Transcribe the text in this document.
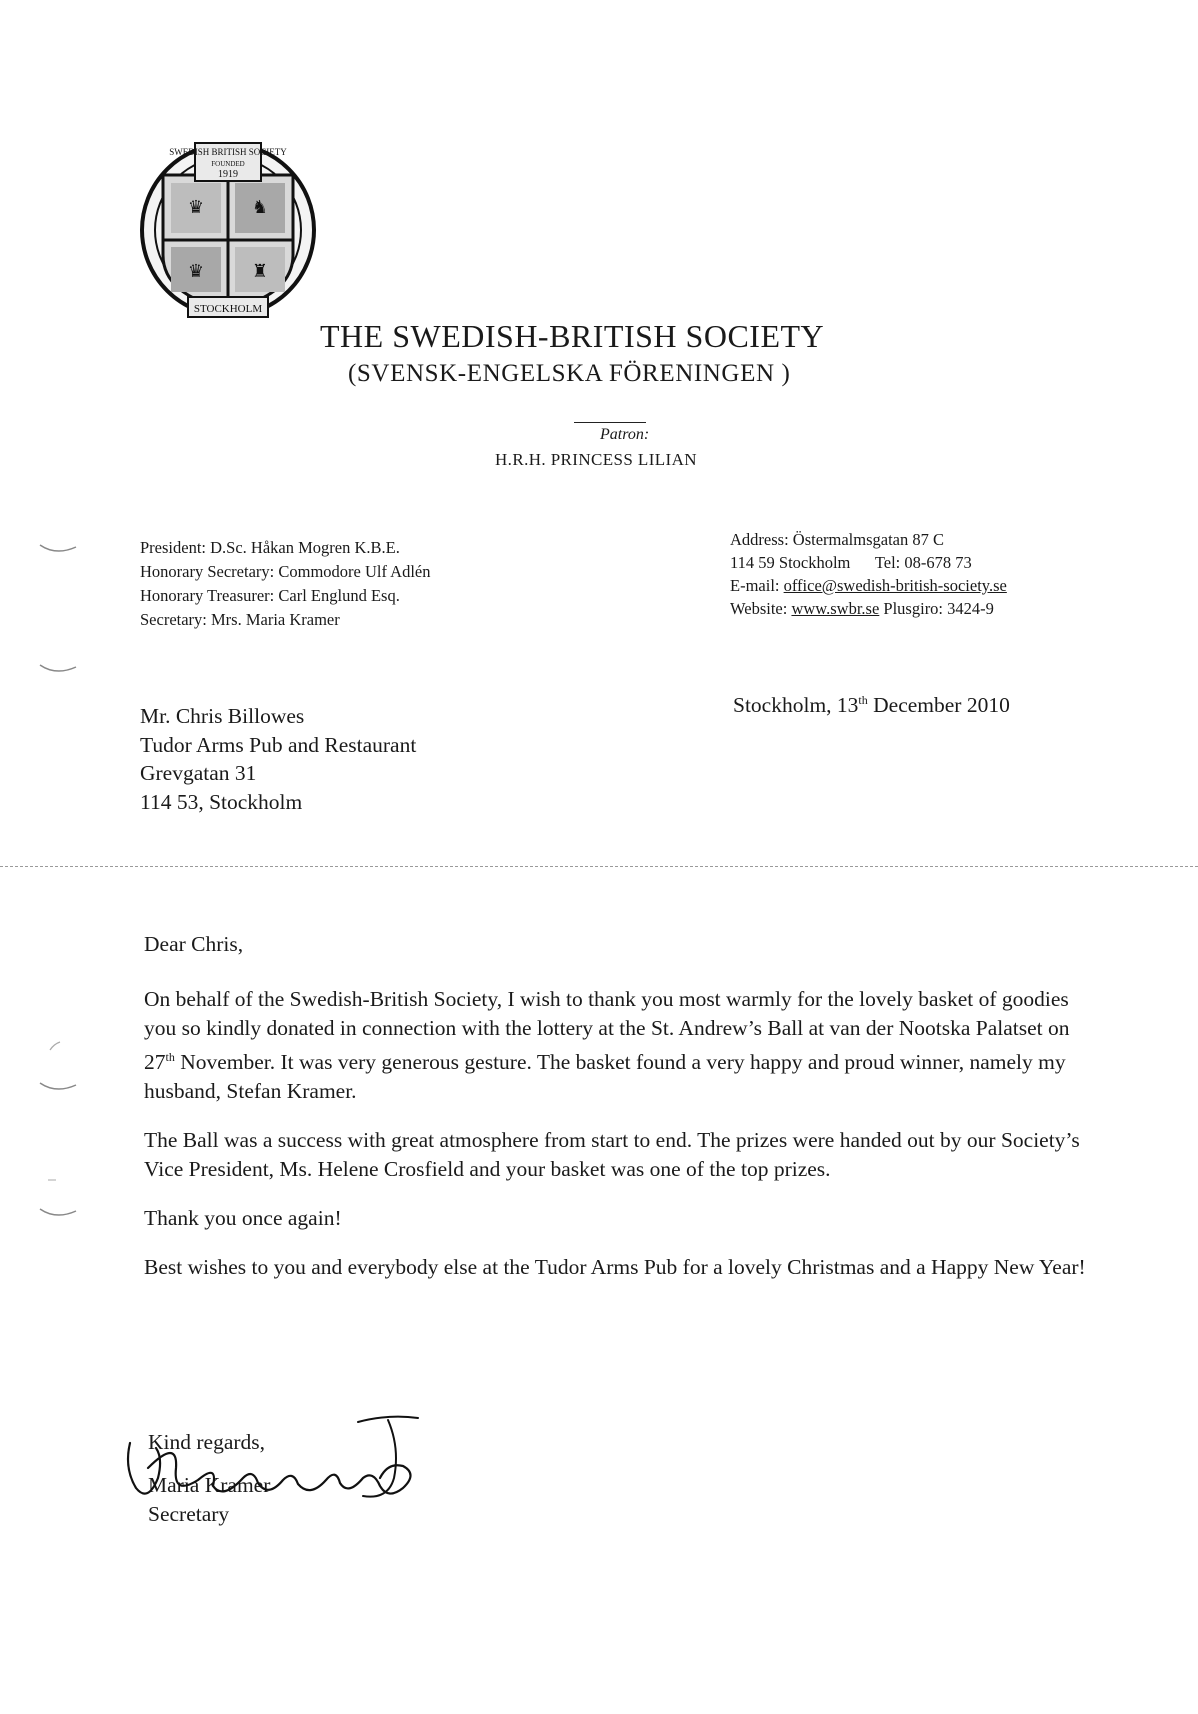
♛	♞
♛	♜
SWEDISH BRITISH SOCIETY
FOUNDED
1919
STOCKHOLM
THE SWEDISH-BRITISH SOCIETY
(SVENSK-ENGELSKA FÖRENINGEN )
Patron:
H.R.H. PRINCESS LILIAN
President: D.Sc. Håkan Mogren K.B.E.
Honorary Secretary: Commodore Ulf Adlén
Honorary Treasurer: Carl Englund Esq.
Secretary: Mrs. Maria Kramer
Address: Östermalmsgatan 87 C
114 59 Stockholm      Tel: 08-678 73
E-mail: office@swedish-british-society.se
Website: www.swbr.se Plusgiro: 3424-9
Mr. Chris Billowes
Tudor Arms Pub and Restaurant
Grevgatan 31
114 53, Stockholm
Stockholm, 13th December 2010

Dear Chris,

On behalf of the Swedish-British Society, I wish to thank you most warmly for the lovely basket of goodies you so kindly donated in connection with the lottery at the St. Andrew’s Ball at van der Nootska Palatset on 27th November. It was very generous gesture. The basket found a very happy and proud winner, namely my husband, Stefan Kramer.

The Ball was a success with great atmosphere from start to end. The prizes were handed out by our Society’s Vice President, Ms. Helene Crosfield and your basket was one of the top prizes.

Thank you once again!

Best wishes to you and everybody else at the Tudor Arms Pub for a lovely Christmas and a Happy New Year!

Kind regards,
Maria Kramer
Secretary
